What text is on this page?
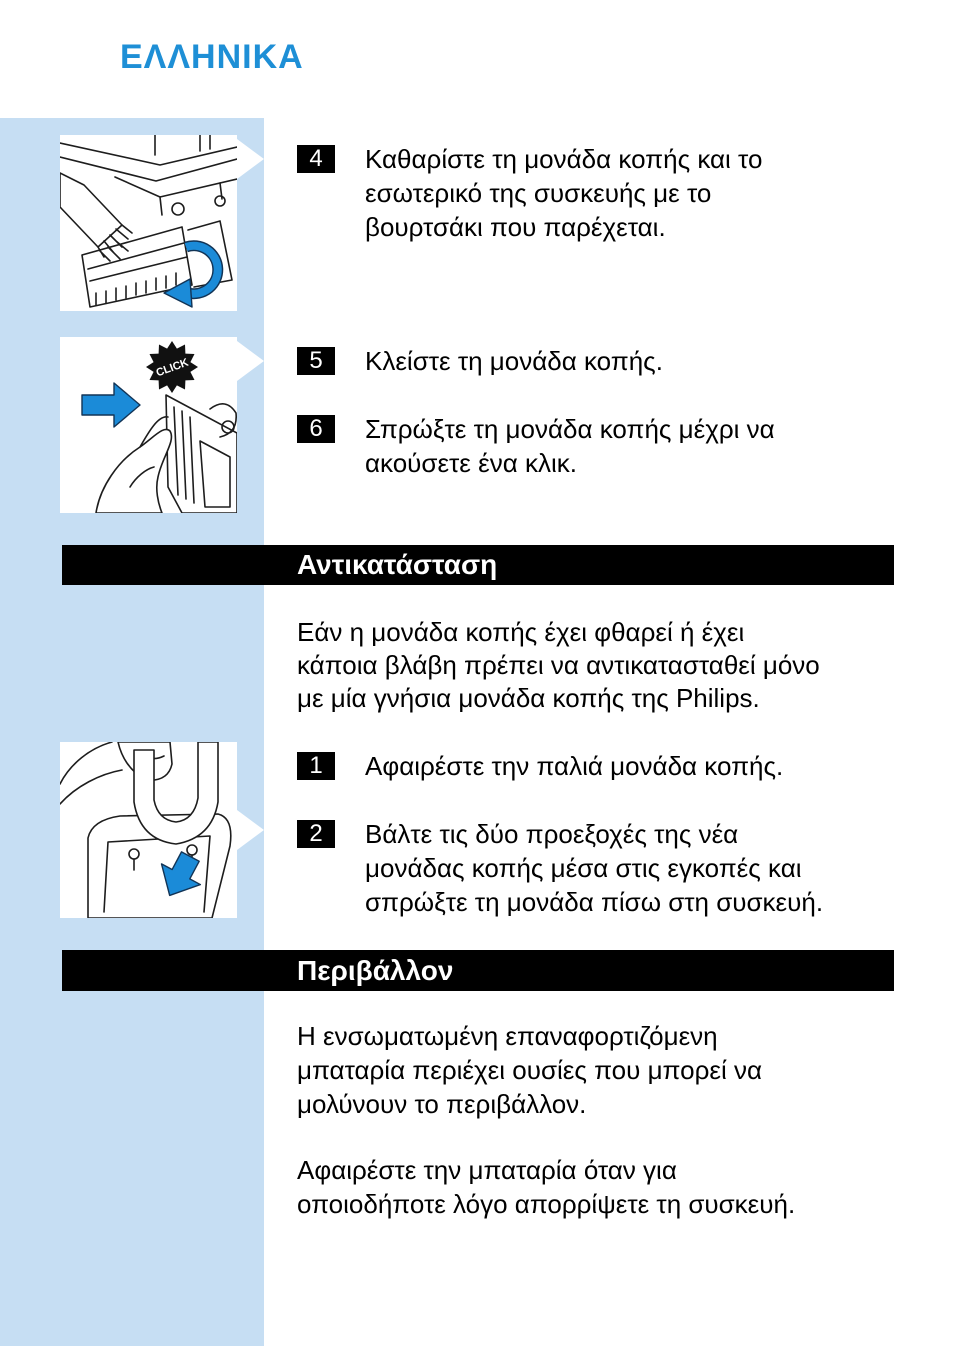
ΕΛΛΗΝΙΚΑ
CLICK
4	Καθαρίστε τη μονάδα κοπής και το
εσωτερικό της συσκευής με το
βουρτσάκι που παρέχεται.
5	Κλείστε τη μονάδα κοπής.
6	Σπρώξτε τη μονάδα κοπής μέχρι να
ακούσετε ένα κλικ.
Αντικατάσταση
Εάν η μονάδα κοπής έχει φθαρεί ή έχει
κάποια βλάβη πρέπει να αντικατασταθεί μόνο
με μία γνήσια μονάδα κοπής της Philips.
1	Αφαιρέστε την παλιά μονάδα κοπής.
2	Βάλτε τις δύο προεξοχές της νέα
μονάδας κοπής μέσα στις εγκοπές και
σπρώξτε τη μονάδα πίσω στη συσκευή.
Περιβάλλον
Η ενσωματωμένη επαναφορτιζόμενη
μπαταρία περιέχει ουσίες που μπορεί να
μολύνουν το περιβάλλον.
Αφαιρέστε την μπαταρία όταν για
οποιοδήποτε λόγο απορρίψετε τη συσκευή.
